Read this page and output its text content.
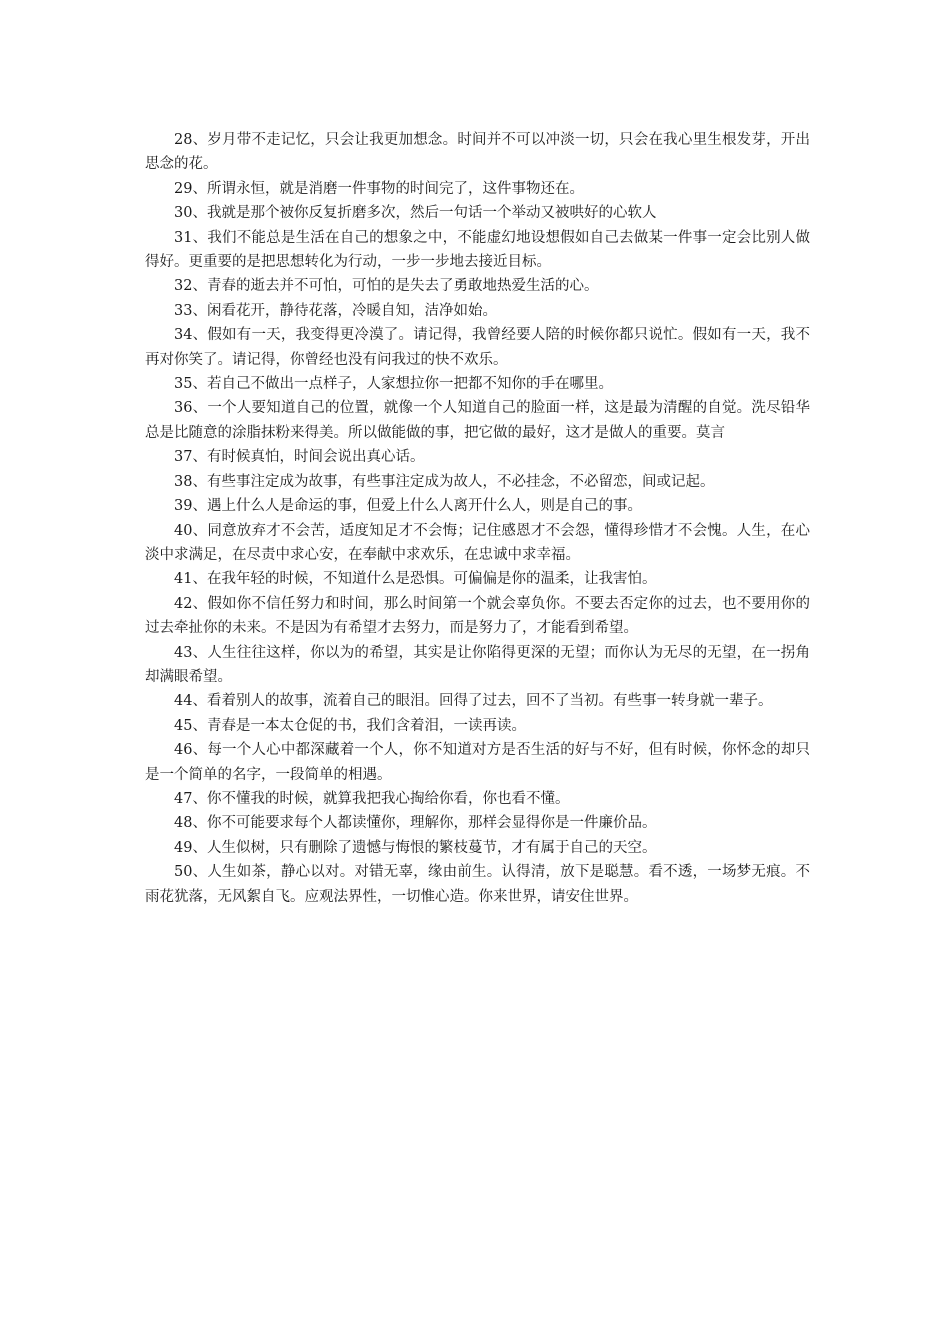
28、岁月带不走记忆，只会让我更加想念。时间并不可以冲淡一切，只会在我心里生根发芽，开出思念的花。

29、所谓永恒，就是消磨一件事物的时间完了，这件事物还在。

30、我就是那个被你反复折磨多次，然后一句话一个举动又被哄好的心软人

31、我们不能总是生活在自己的想象之中，不能虚幻地设想假如自己去做某一件事一定会比别人做得好。更重要的是把思想转化为行动，一步一步地去接近目标。

32、青春的逝去并不可怕，可怕的是失去了勇敢地热爱生活的心。

33、闲看花开，静待花落，冷暖自知，洁净如始。

34、假如有一天，我变得更冷漠了。请记得，我曾经要人陪的时候你都只说忙。假如有一天，我不再对你笑了。请记得，你曾经也没有问我过的快不欢乐。

35、若自己不做出一点样子，人家想拉你一把都不知你的手在哪里。

36、一个人要知道自己的位置，就像一个人知道自己的脸面一样，这是最为清醒的自觉。洗尽铅华总是比随意的涂脂抹粉来得美。所以做能做的事，把它做的最好，这才是做人的重要。莫言

37、有时候真怕，时间会说出真心话。

38、有些事注定成为故事，有些事注定成为故人，不必挂念，不必留恋，间或记起。

39、遇上什么人是命运的事，但爱上什么人离开什么人，则是自己的事。

40、同意放弃才不会苦，适度知足才不会悔；记住感恩才不会怨，懂得珍惜才不会愧。人生，在心淡中求满足，在尽责中求心安，在奉献中求欢乐，在忠诚中求幸福。

41、在我年轻的时候，不知道什么是恐惧。可偏偏是你的温柔，让我害怕。

42、假如你不信任努力和时间，那么时间第一个就会辜负你。不要去否定你的过去，也不要用你的过去牵扯你的未来。不是因为有希望才去努力，而是努力了，才能看到希望。

43、人生往往这样，你以为的希望，其实是让你陷得更深的无望；而你认为无尽的无望，在一拐角却满眼希望。

44、看着别人的故事，流着自己的眼泪。回得了过去，回不了当初。有些事一转身就一辈子。

45、青春是一本太仓促的书，我们含着泪，一读再读。

46、每一个人心中都深藏着一个人，你不知道对方是否生活的好与不好，但有时候，你怀念的却只是一个简单的名字，一段简单的相遇。

47、你不懂我的时候，就算我把我心掏给你看，你也看不懂。

48、你不可能要求每个人都读懂你，理解你，那样会显得你是一件廉价品。

49、人生似树，只有删除了遗憾与悔恨的繁枝蔓节，才有属于自己的天空。

50、人生如茶，静心以对。对错无辜，缘由前生。认得清，放下是聪慧。看不透，一场梦无痕。不雨花犹落，无风絮自飞。应观法界性，一切惟心造。你来世界，请安住世界。
